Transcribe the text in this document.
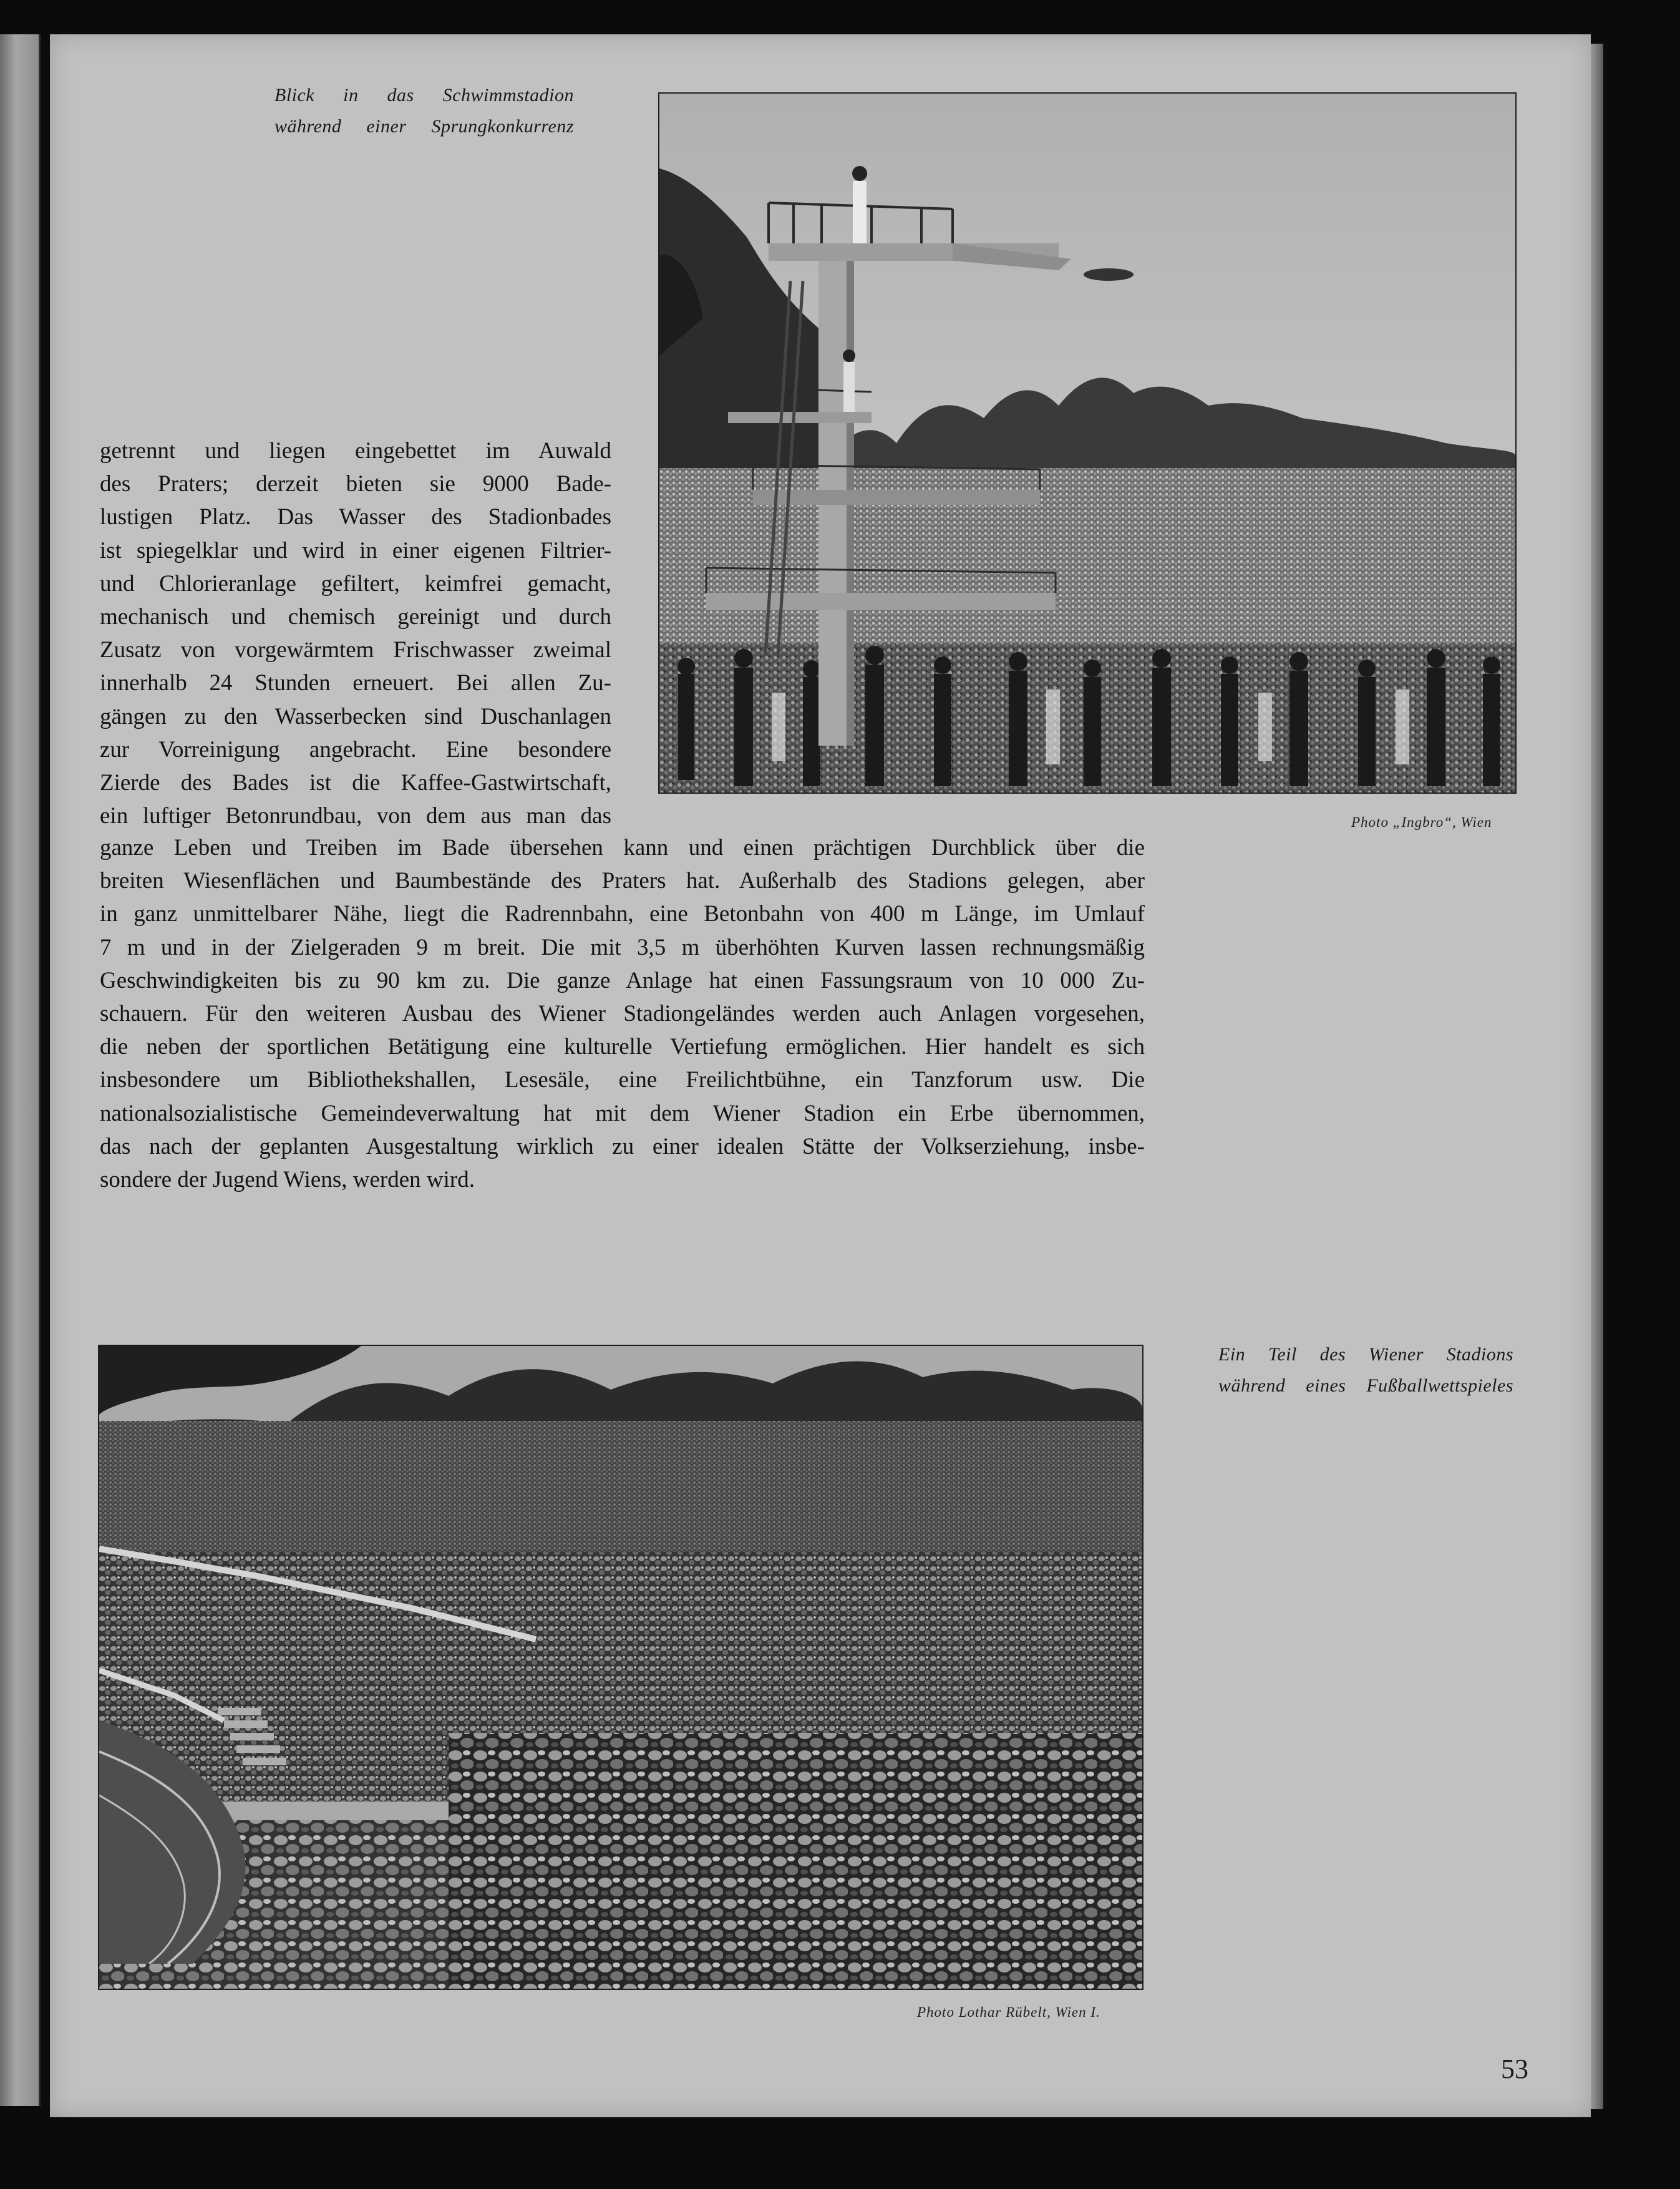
Blick in das Schwimmstadion
während einer Sprungkonkurrenz
Photo „Ingbro“, Wien
getrennt und liegen eingebettet im Auwald
des Praters; derzeit bieten sie 9000 Bade-
lustigen Platz. Das Wasser des Stadionbades
ist spiegelklar und wird in einer eigenen Filtrier-
und Chlorieranlage gefiltert, keimfrei gemacht,
mechanisch und chemisch gereinigt und durch
Zusatz von vorgewärmtem Frischwasser zweimal
innerhalb 24 Stunden erneuert. Bei allen Zu-
gängen zu den Wasserbecken sind Duschanlagen
zur Vorreinigung angebracht. Eine besondere
Zierde des Bades ist die Kaffee-Gastwirtschaft,
ein luftiger Betonrundbau, von dem aus man das
ganze Leben und Treiben im Bade übersehen kann und einen prächtigen Durchblick über die
breiten Wiesenflächen und Baumbestände des Praters hat. Außerhalb des Stadions gelegen, aber
in ganz unmittelbarer Nähe, liegt die Radrennbahn, eine Betonbahn von 400 m Länge, im Umlauf
7 m und in der Zielgeraden 9 m breit. Die mit 3,5 m überhöhten Kurven lassen rechnungsmäßig
Geschwindigkeiten bis zu 90 km zu. Die ganze Anlage hat einen Fassungsraum von 10 000 Zu-
schauern. Für den weiteren Ausbau des Wiener Stadiongeländes werden auch Anlagen vorgesehen,
die neben der sportlichen Betätigung eine kulturelle Vertiefung ermöglichen. Hier handelt es sich
insbesondere um Bibliothekshallen, Lesesäle, eine Freilichtbühne, ein Tanzforum usw. Die
nationalsozialistische Gemeindeverwaltung hat mit dem Wiener Stadion ein Erbe übernommen,
das nach der geplanten Ausgestaltung wirklich zu einer idealen Stätte der Volkserziehung, insbe-
sondere der Jugend Wiens, werden wird.
Ein Teil des Wiener Stadions
während eines Fußballwettspieles
Photo Lothar Rübelt, Wien I.
53
